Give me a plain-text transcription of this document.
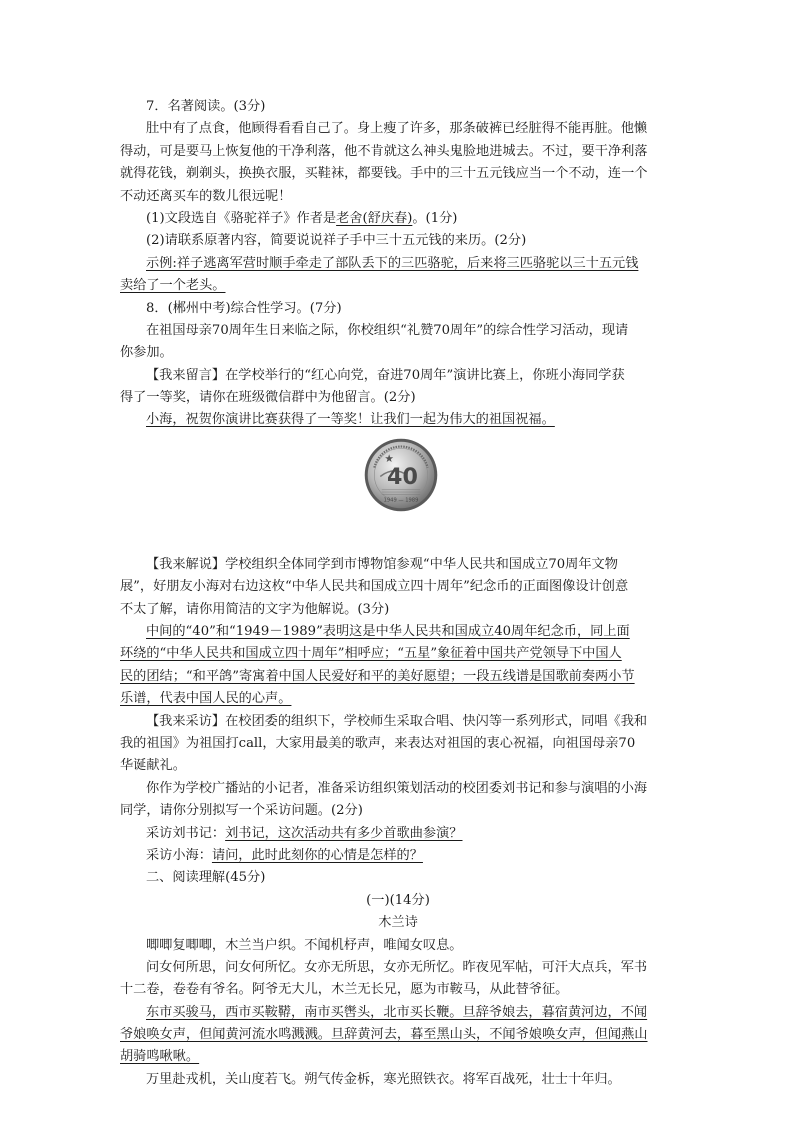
7．名著阅读。(3分)
肚中有了点食，他顾得看看自己了。身上瘦了许多，那条破裤已经脏得不能再脏。他懒
得动，可是要马上恢复他的干净利落，他不肯就这么神头鬼脸地进城去。不过，要干净利落
就得花钱，剃剃头，换换衣服，买鞋袜，都要钱。手中的三十五元钱应当一个不动，连一个
不动还离买车的数儿很远呢！
(1)文段选自《骆驼祥子》作者是老舍(舒庆春)。(1分)
(2)请联系原著内容，简要说说祥子手中三十五元钱的来历。(2分)
示例:祥子逃离军营时顺手牵走了部队丢下的三匹骆驼，后来将三匹骆驼以三十五元钱
卖给了一个老头。
8．(郴州中考)综合性学习。(7分)
在祖国母亲70周年生日来临之际，你校组织“礼赞70周年”的综合性学习活动，现请
你参加。
【我来留言】在学校举行的“红心向党，奋进70周年”演讲比赛上，你班小海同学获
得了一等奖，请你在班级微信群中为他留言。(2分)
小海，祝贺你演讲比赛获得了一等奖！让我们一起为伟大的祖国祝福。
40
1949 — 1989
【我来解说】学校组织全体同学到市博物馆参观“中华人民共和国成立70周年文物
展”，好朋友小海对右边这枚“中华人民共和国成立四十周年”纪念币的正面图像设计创意
不太了解，请你用简洁的文字为他解说。(3分)
中间的“40”和“1949－1989”表明这是中华人民共和国成立40周年纪念币，同上面
环绕的“中华人民共和国成立四十周年”相呼应；“五星”象征着中国共产党领导下中国人
民的团结；“和平鸽”寄寓着中国人民爱好和平的美好愿望；一段五线谱是国歌前奏两小节
乐谱，代表中国人民的心声。
【我来采访】在校团委的组织下，学校师生采取合唱、快闪等一系列形式，同唱《我和
我的祖国》为祖国打call，大家用最美的歌声，来表达对祖国的衷心祝福，向祖国母亲70
华诞献礼。
你作为学校广播站的小记者，准备采访组织策划活动的校团委刘书记和参与演唱的小海
同学，请你分别拟写一个采访问题。(2分)
采访刘书记：刘书记，这次活动共有多少首歌曲参演？
采访小海：请问，此时此刻你的心情是怎样的？
二、阅读理解(45分)
(一)(14分)
木兰诗
唧唧复唧唧，木兰当户织。不闻机杼声，唯闻女叹息。
问女何所思，问女何所忆。女亦无所思，女亦无所忆。昨夜见军帖，可汗大点兵，军书
十二卷，卷卷有爷名。阿爷无大儿，木兰无长兄，愿为市鞍马，从此替爷征。
东市买骏马，西市买鞍鞯，南市买辔头，北市买长鞭。旦辞爷娘去，暮宿黄河边，不闻
爷娘唤女声，但闻黄河流水鸣溅溅。旦辞黄河去，暮至黑山头，不闻爷娘唤女声，但闻燕山
胡骑鸣啾啾。
万里赴戎机，关山度若飞。朔气传金柝，寒光照铁衣。将军百战死，壮士十年归。
